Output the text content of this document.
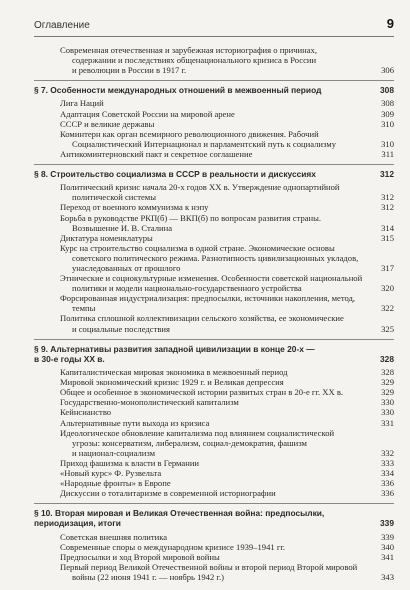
Оглавление	9
Современная отечественная и зарубежная историография о причинах,
содержании и последствиях общенационального кризиса в России
и революции в России в 1917 г.	306
§ 7. Особенности международных отношений в межвоенный период	308
Лига Наций	308
Адаптация Советской России на мировой арене	309
СССР и великие державы	310
Коминтерн как орган всемирного революционного движения. Рабочий
Социалистический Интернационал и парламентский путь к социализму	310
Антикоминтерновский пакт и секретное соглашение	311
§ 8. Строительство социализма в СССР в реальности и дискуссиях	312
Политический кризис начала 20-х годов XX в. Утверждение однопартийной
политической системы	312
Переход от военного коммунизма к нэпу	312
Борьба в руководстве РКП(б) — ВКП(б) по вопросам развития страны.
Возвышение И. В. Сталина	314
Диктатура номенклатуры	315
Курс на строительство социализма в одной стране. Экономические основы
советского политического режима. Разнотипность цивилизационных укладов,
унаследованных от прошлого	317
Этнические и социокультурные изменения. Особенности советской национальной
политики и модели национально-государственного устройства	320
Форсированная индустриализация: предпосылки, источники накопления, метод,
темпы	322
Политика сплошной коллективизации сельского хозяйства, ее экономические
и социальные последствия	325
§ 9. Альтернативы развития западной цивилизации в конце 20-х —
в 30-е годы XX в.	328
Капиталистическая мировая экономика в межвоенный период	328
Мировой экономический кризис 1929 г. и Великая депрессия	329
Общее и особенное в экономической истории развитых стран в 20-е гг. XX в.	329
Государственно-монополистический капитализм	330
Кейнсианство	330
Альтернативные пути выхода из кризиса	331
Идеологическое обновление капитализма под влиянием социалистической
угрозы: консерватизм, либерализм, социал-демократия, фашизм
и национал-социализм	332
Приход фашизма к власти в Германии	333
«Новый курс» Ф. Рузвельта	334
«Народные фронты» в Европе	336
Дискуссии о тоталитаризме в современной историографии	336
§ 10. Вторая мировая и Великая Отечественная война: предпосылки,
периодизация, итоги	339
Советская внешняя политика	339
Современные споры о международном кризисе 1939–1941 гг.	340
Предпосылки и ход Второй мировой войны	341
Первый период Великой Отечественной войны и второй период Второй мировой
войны (22 июня 1941 г. — ноябрь 1942 г.)	343
